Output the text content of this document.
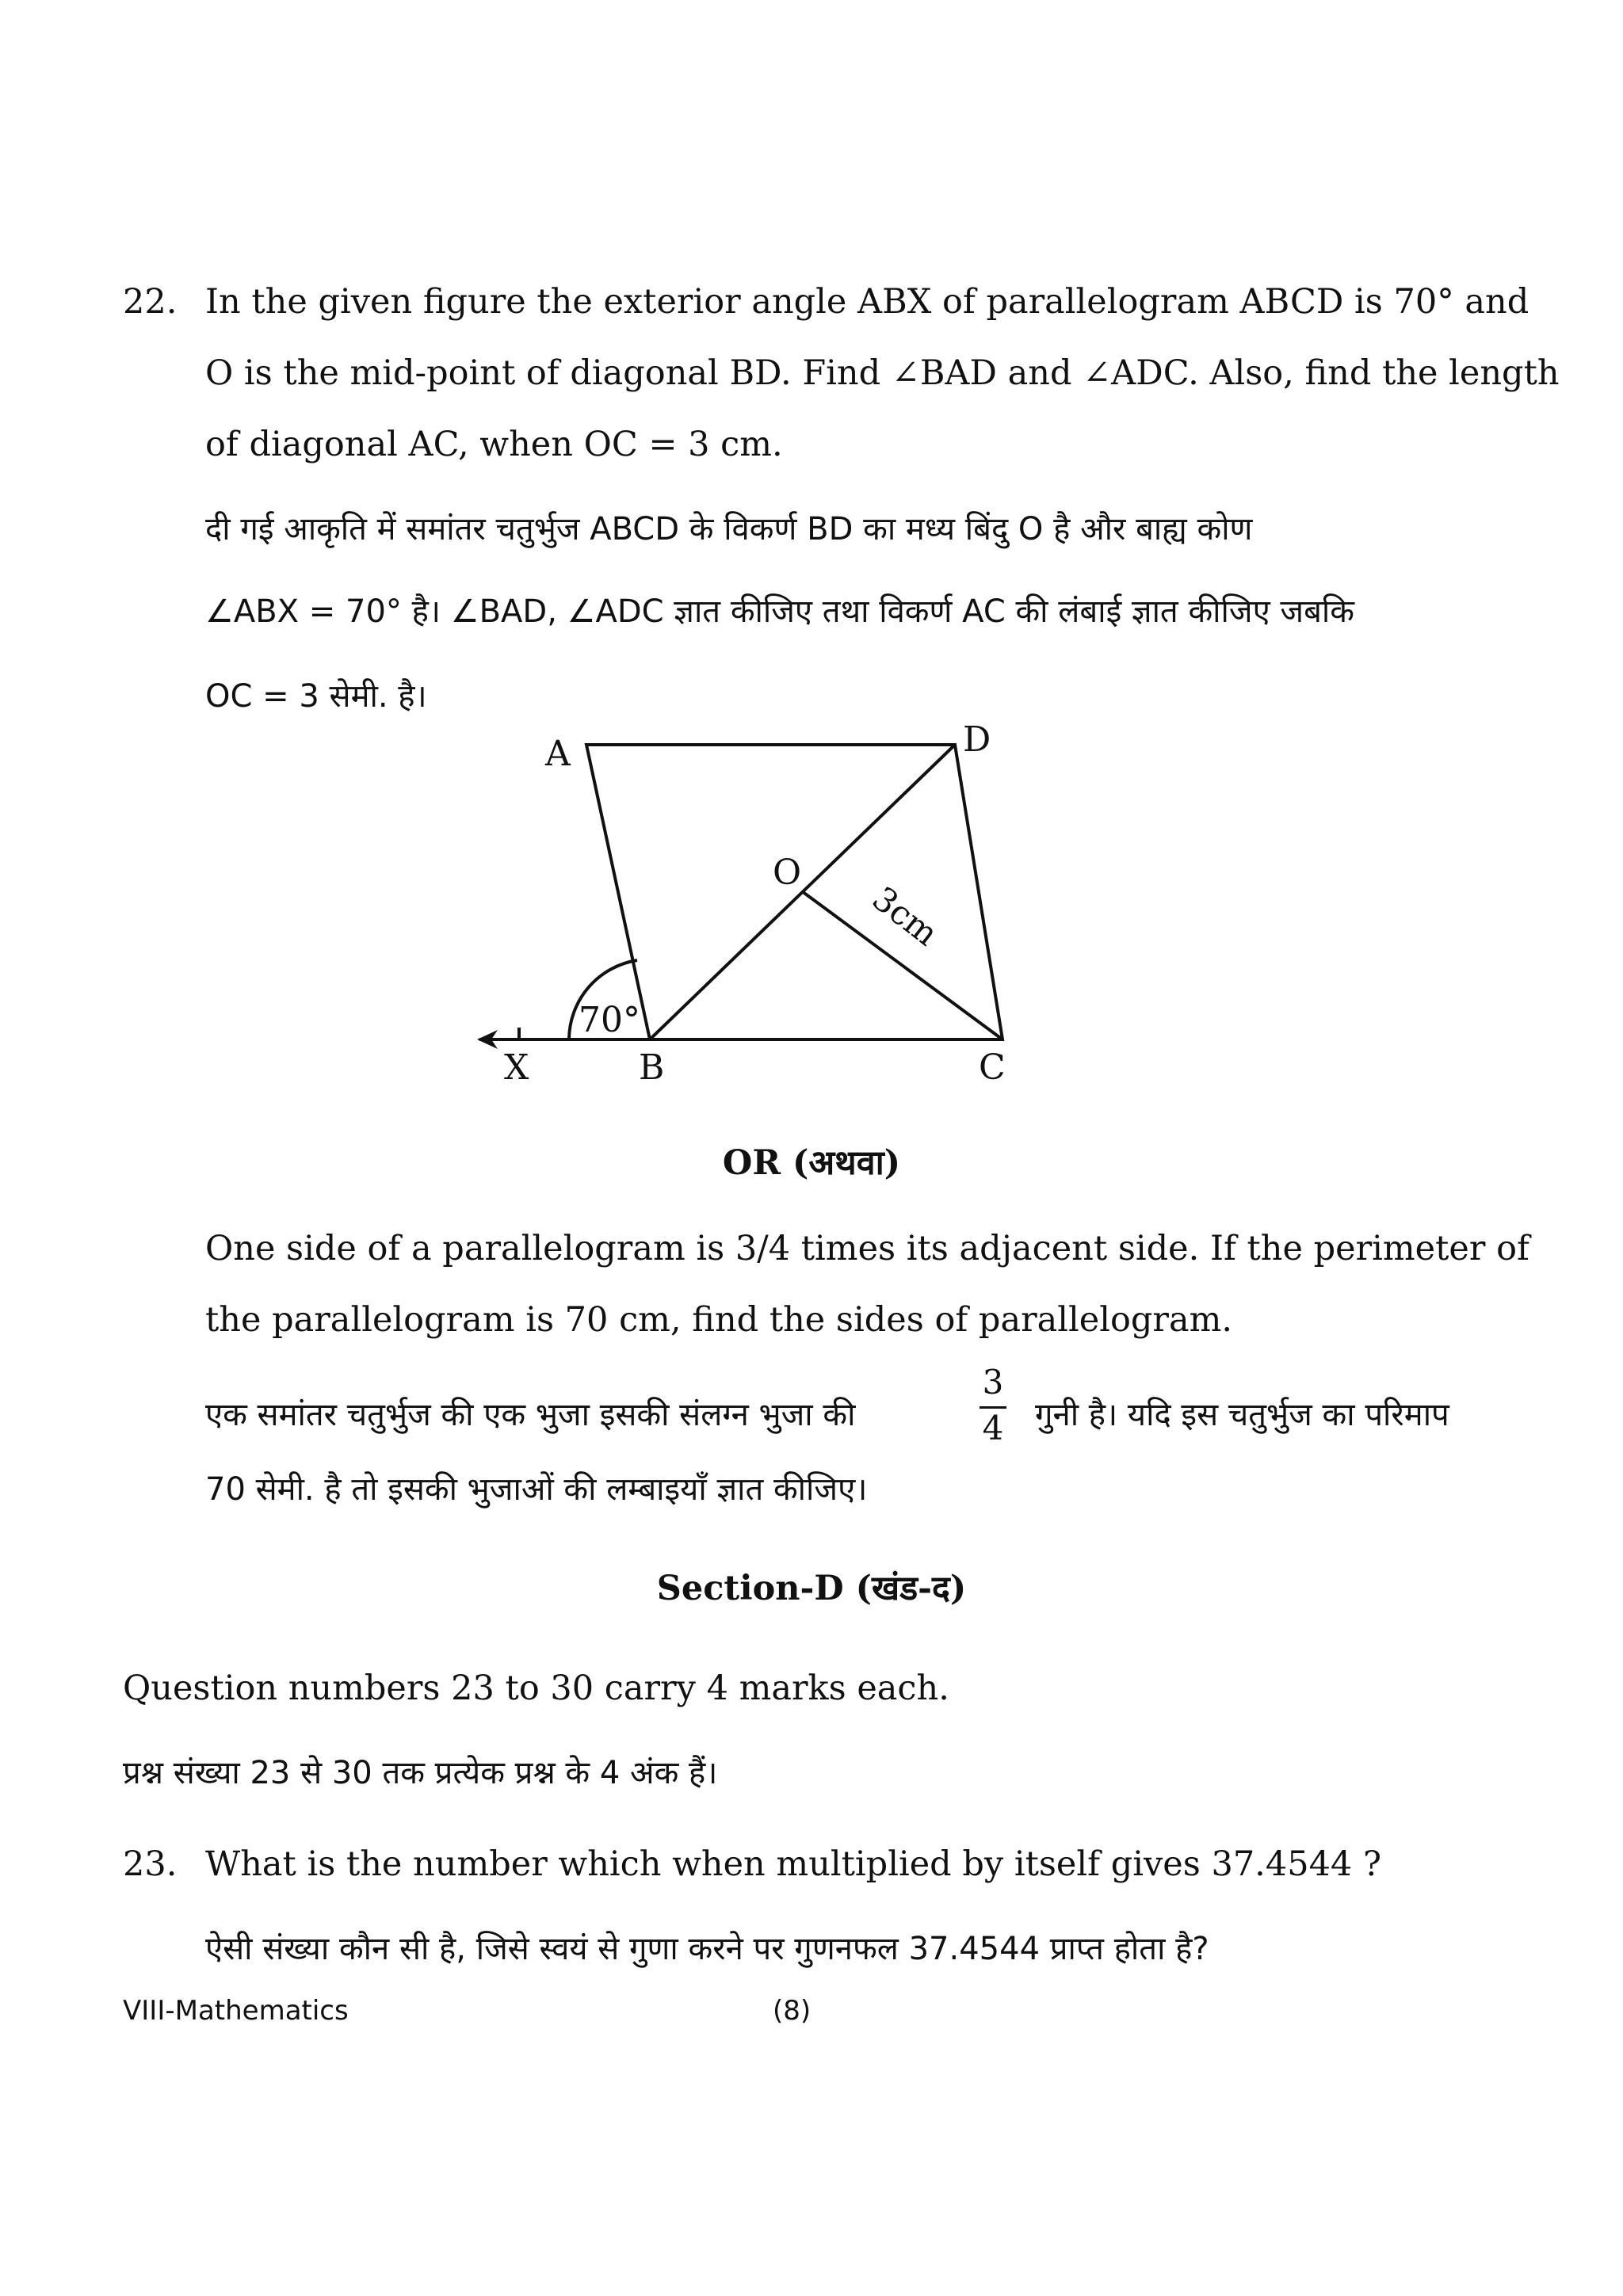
22. In the given figure the exterior angle ABX of parallelogram ABCD is 70° and
O is the mid-point of diagonal BD. Find ∠BAD and ∠ADC. Also, find the length
of diagonal AC, when OC = 3 cm.
दी गई आकृति में समांतर चतुर्भुज ABCD के विकर्ण BD का मध्य बिंदु O है और बाह्य कोण
∠ABX = 70° है। ∠BAD, ∠ADC ज्ञात कीजिए तथा विकर्ण AC की लंबाई ज्ञात कीजिए जबकि
OC = 3 सेमी. है।
A	D
O
B	C
X
70°
3cm
OR (अथवा)
One side of a parallelogram is 3/4 times its adjacent side. If the perimeter of
the parallelogram is 70 cm, find the sides of parallelogram.
एक समांतर चतुर्भुज की एक भुजा इसकी संलग्न भुजा की
3
4 गुनी है। यदि इस चतुर्भुज का परिमाप
70 सेमी. है तो इसकी भुजाओं की लम्बाइयाँ ज्ञात कीजिए।
Section-D (खंड-द)
Question numbers 23 to 30 carry 4 marks each.
प्रश्न संख्या 23 से 30 तक प्रत्येक प्रश्न के 4 अंक हैं।
23. What is the number which when multiplied by itself gives 37.4544 ?
ऐसी संख्या कौन सी है, जिसे स्वयं से गुणा करने पर गुणनफल 37.4544 प्राप्त होता है?
VIII-Mathematics	(8)
